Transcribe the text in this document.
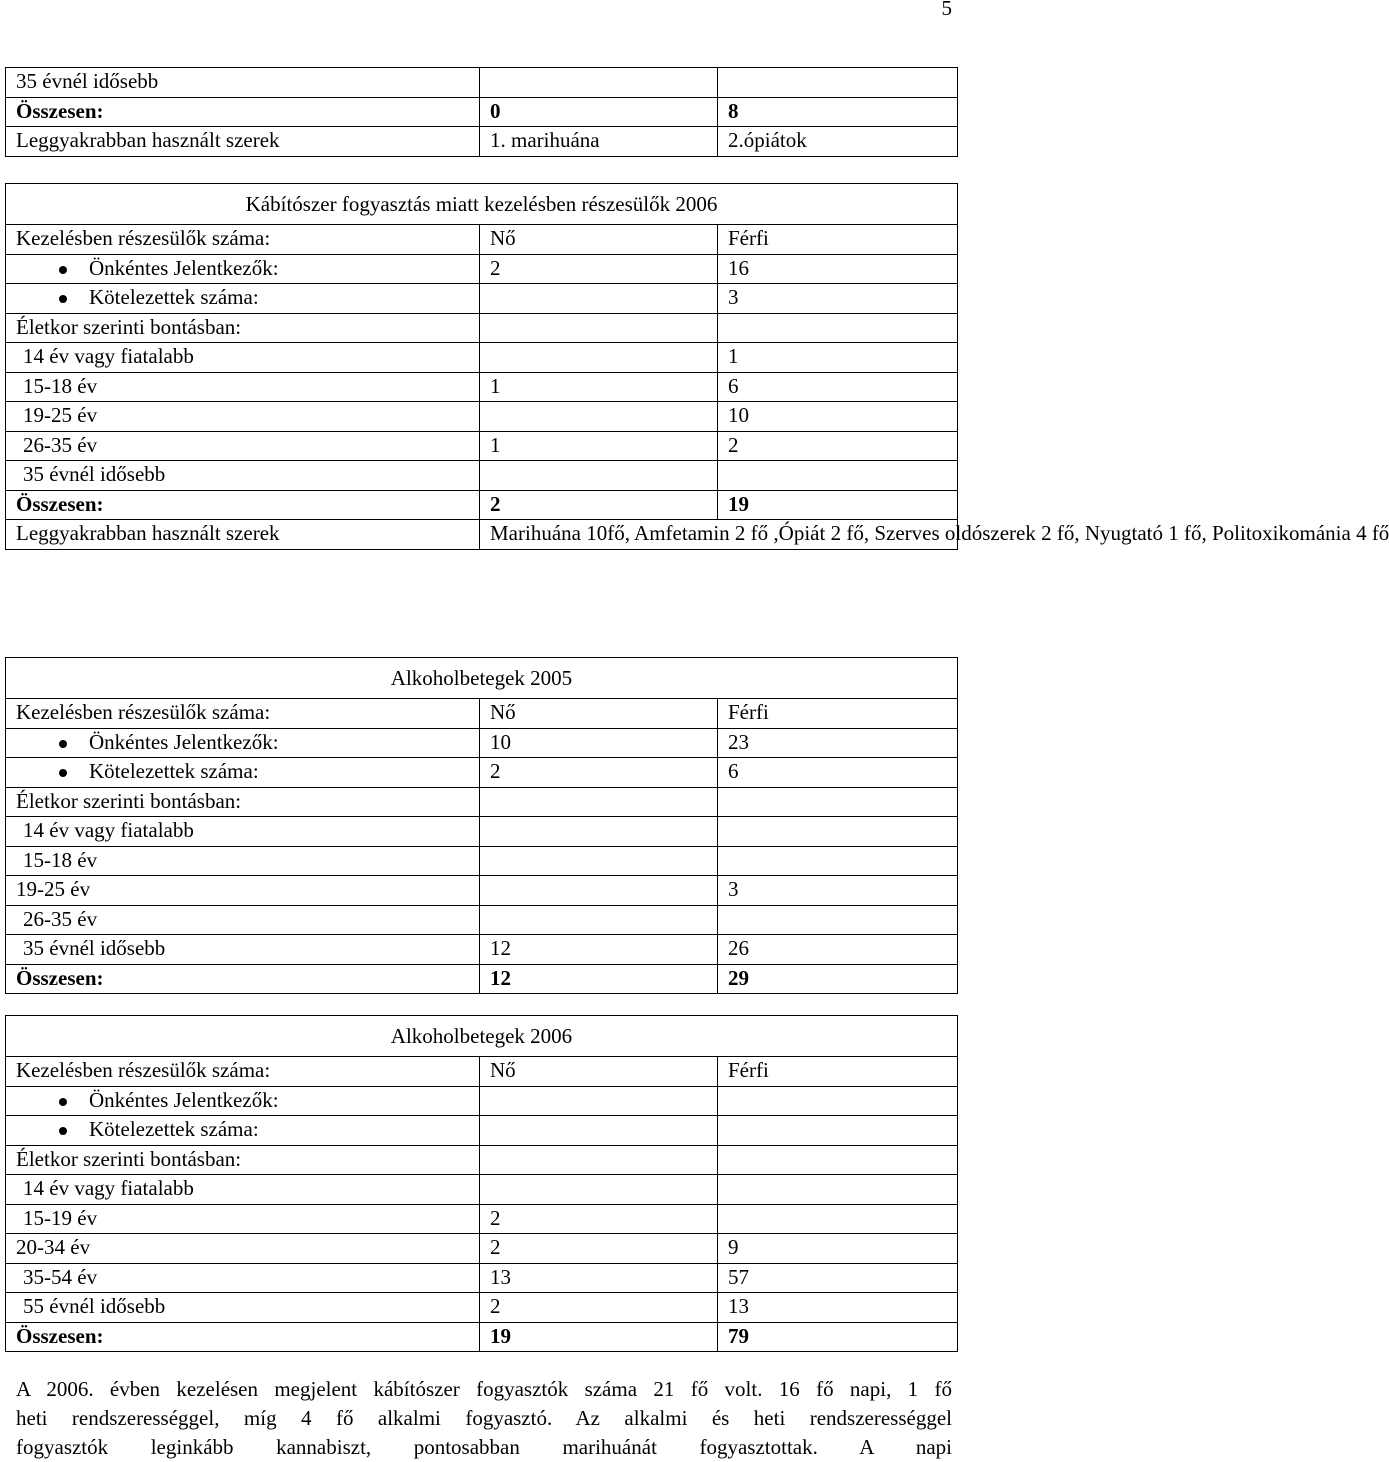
5
35 évnél idősebb		
Összesen:	0	8
Leggyakrabban használt szerek	1. marihuána	2.ópiátok
Kábítószer fogyasztás miatt kezelésben részesülők 2006		
Kezelésben részesülők száma:	Nő	Férfi

Önkéntes Jelentkezők:	2	16

Kötelezettek száma:		3
Életkor szerinti bontásban:		
14 év vagy fiatalabb		1
15-18 év	1	6
19-25 év		10
26-35 év	1	2
35 évnél idősebb		
Összesen:	2	19
Leggyakrabban használt szerek	Marihuána 10fő, Amfetamin 2 fő ,Ópiát 2 fő, Szerves oldószerek 2 fő, Nyugtató 1 fő, Politoxikománia 4 fő	
Alkoholbetegek 2005		
Kezelésben részesülők száma:	Nő	Férfi

Önkéntes Jelentkezők:	10	23

Kötelezettek száma:	2	6
Életkor szerinti bontásban:		
14 év vagy fiatalabb		
15-18 év		
19-25 év		3
26-35 év		
35 évnél idősebb	12	26
Összesen:	12	29
Alkoholbetegek 2006		
Kezelésben részesülők száma:	Nő	Férfi

Önkéntes Jelentkezők:		

Kötelezettek száma:		
Életkor szerinti bontásban:		
14 év vagy fiatalabb		
15-19 év	2	
20-34 év	2	9
35-54 év	13	57
55 évnél idősebb	2	13
Összesen:	19	79

A 2006. évben kezelésen megjelent kábítószer fogyasztók száma 21 fő volt. 16 fő napi, 1 fő

heti rendszerességgel, míg 4 fő alkalmi fogyasztó. Az alkalmi és heti rendszerességgel

fogyasztók leginkább kannabiszt, pontosabban marihuánát fogyasztottak. A napi
